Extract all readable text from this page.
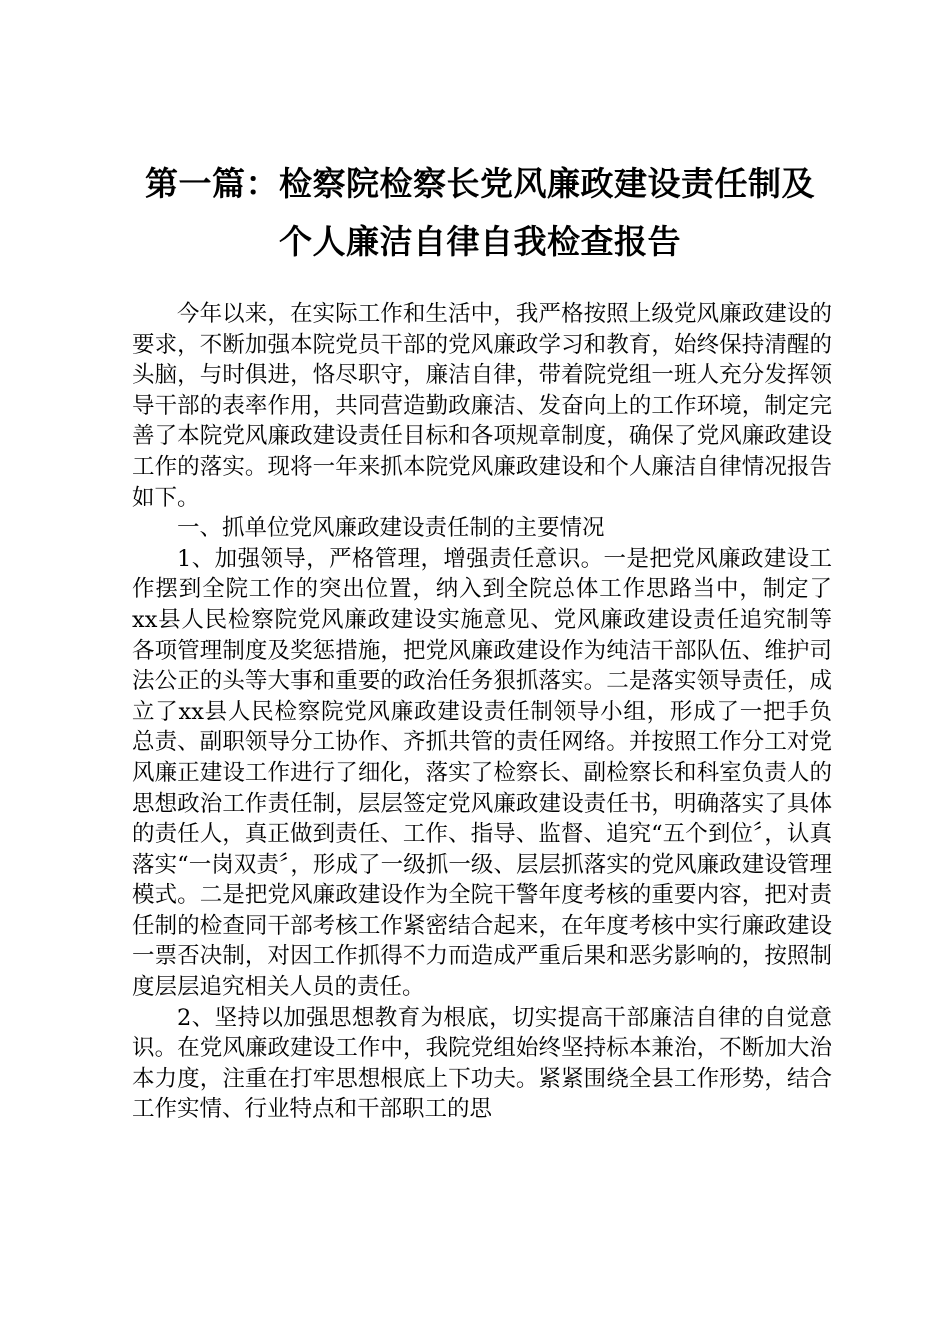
第一篇：检察院检察长党风廉政建设责任制及
个人廉洁自律自我检查报告

今年以来，在实际工作和生活中，我严格按照上级党风廉政建设的要求，不断加强本院党员干部的党风廉政学习和教育，始终保持清醒的头脑，与时俱进，恪尽职守，廉洁自律，带着院党组一班人充分发挥领导干部的表率作用，共同营造勤政廉洁、发奋向上的工作环境，制定完善了本院党风廉政建设责任目标和各项规章制度，确保了党风廉政建设工作的落实。现将一年来抓本院党风廉政建设和个人廉洁自律情况报告如下。

一、抓单位党风廉政建设责任制的主要情况

1、加强领导，严格管理，增强责任意识。一是把党风廉政建设工作摆到全院工作的突出位置，纳入到全院总体工作思路当中，制定了xx县人民检察院党风廉政建设实施意见、党风廉政建设责任追究制等各项管理制度及奖惩措施，把党风廉政建设作为纯洁干部队伍、维护司法公正的头等大事和重要的政治任务狠抓落实。二是落实领导责任，成立了xx县人民检察院党风廉政建设责任制领导小组，形成了一把手负总责、副职领导分工协作、齐抓共管的责任网络。并按照工作分工对党风廉正建设工作进行了细化，落实了检察长、副检察长和科室负责人的思想政治工作责任制，层层签定党风廉政建设责任书，明确落实了具体的责任人，真正做到责任、工作、指导、监督、追究“五个到位〞，认真落实“一岗双责〞，形成了一级抓一级、层层抓落实的党风廉政建设管理模式。二是把党风廉政建设作为全院干警年度考核的重要内容，把对责任制的检查同干部考核工作紧密结合起来，在年度考核中实行廉政建设一票否决制，对因工作抓得不力而造成严重后果和恶劣影响的，按照制度层层追究相关人员的责任。

2、坚持以加强思想教育为根底，切实提高干部廉洁自律的自觉意识。在党风廉政建设工作中，我院党组始终坚持标本兼治，不断加大治本力度，注重在打牢思想根底上下功夫。紧紧围绕全县工作形势，结合工作实情、行业特点和干部职工的思
